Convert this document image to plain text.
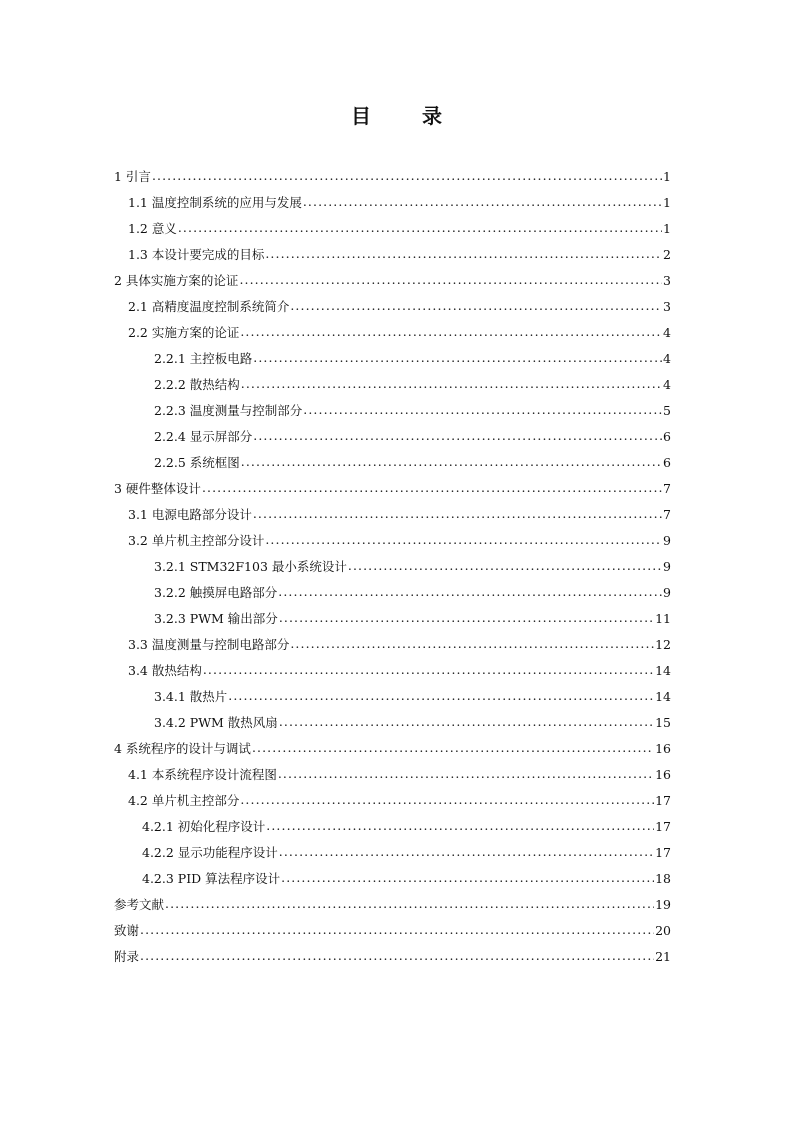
目 录
1 引言 .....	1
1.1 温度控制系统的应用与发展 .....	1
1.2 意义 .....	1
1.3 本设计要完成的目标 .....	2
2 具体实施方案的论证 .....	3
2.1 高精度温度控制系统简介 .....	3
2.2 实施方案的论证 .....	4
2.2.1 主控板电路 .....	4
2.2.2 散热结构 .....	4
2.2.3 温度测量与控制部分 .....	5
2.2.4 显示屏部分 .....	6
2.2.5 系统框图 .....	6
3 硬件整体设计 .....	7
3.1 电源电路部分设计 .....	7
3.2 单片机主控部分设计 .....	9
3.2.1 STM32F103 最小系统设计 .....	9
3.2.2 触摸屏电路部分 .....	9
3.2.3 PWM 输出部分 .....	11
3.3 温度测量与控制电路部分 .....	12
3.4 散热结构 .....	14
3.4.1 散热片 .....	14
3.4.2 PWM 散热风扇 .....	15
4 系统程序的设计与调试 .....	16
4.1 本系统程序设计流程图 .....	16
4.2 单片机主控部分 .....	17
4.2.1 初始化程序设计 .....	17
4.2.2 显示功能程序设计 .....	17
4.2.3 PID 算法程序设计 .....	18
参考文献 .....	19
致谢 .....	20
附录 .....	21
